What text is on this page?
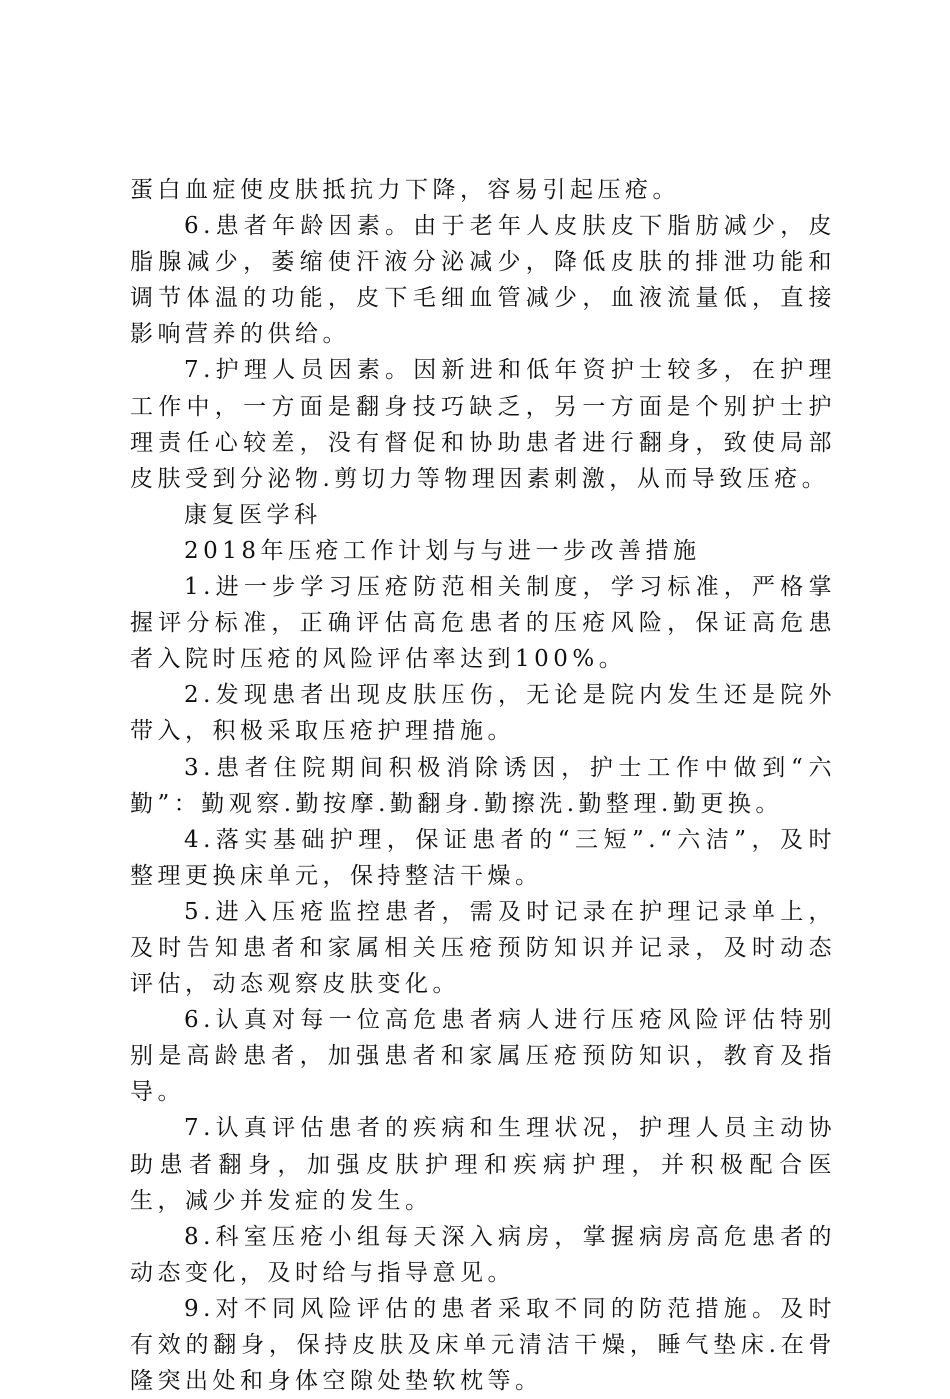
蛋白血症使皮肤抵抗力下降，容易引起压疮。

6.患者年龄因素。由于老年人皮肤皮下脂肪减少，皮脂腺减少，萎缩使汗液分泌减少，降低皮肤的排泄功能和调节体温的功能，皮下毛细血管减少，血液流量低，直接影响营养的供给。

7.护理人员因素。因新进和低年资护士较多，在护理工作中，一方面是翻身技巧缺乏，另一方面是个别护士护理责任心较差，没有督促和协助患者进行翻身，致使局部皮肤受到分泌物.剪切力等物理因素刺激，从而导致压疮。

康复医学科

2018年压疮工作计划与与进一步改善措施

1.进一步学习压疮防范相关制度，学习标准，严格掌握评分标准，正确评估高危患者的压疮风险，保证高危患者入院时压疮的风险评估率达到100%。

2.发现患者出现皮肤压伤，无论是院内发生还是院外带入，积极采取压疮护理措施。

3.患者住院期间积极消除诱因，护士工作中做到“六勤”：勤观察.勤按摩.勤翻身.勤擦洗.勤整理.勤更换。

4.落实基础护理，保证患者的“三短”.“六洁”，及时整理更换床单元，保持整洁干燥。

5.进入压疮监控患者，需及时记录在护理记录单上，及时告知患者和家属相关压疮预防知识并记录，及时动态评估，动态观察皮肤变化。

6.认真对每一位高危患者病人进行压疮风险评估特别别是高龄患者，加强患者和家属压疮预防知识，教育及指导。

7.认真评估患者的疾病和生理状况，护理人员主动协助患者翻身，加强皮肤护理和疾病护理，并积极配合医生，减少并发症的发生。

8.科室压疮小组每天深入病房，掌握病房高危患者的动态变化，及时给与指导意见。

9.对不同风险评估的患者采取不同的防范措施。及时有效的翻身，保持皮肤及床单元清洁干燥，睡气垫床.在骨隆突出处和身体空隙处垫软枕等。
